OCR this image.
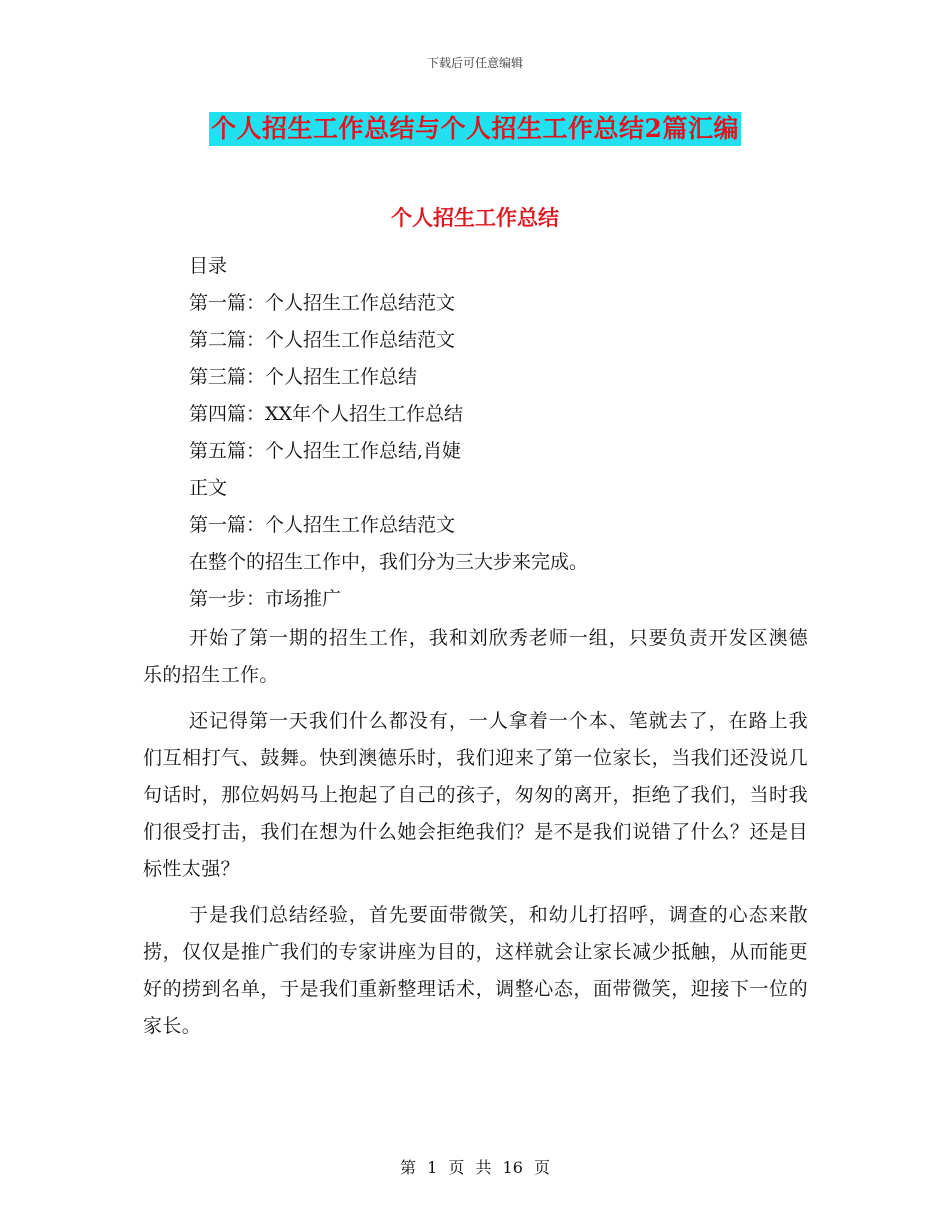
下载后可任意编辑
个人招生工作总结与个人招生工作总结2篇汇编
个人招生工作总结
目录
第一篇：个人招生工作总结范文
第二篇：个人招生工作总结范文
第三篇：个人招生工作总结
第四篇：XX年个人招生工作总结
第五篇：个人招生工作总结,肖婕
正文
第一篇：个人招生工作总结范文
在整个的招生工作中，我们分为三大步来完成。
第一步：市场推广

开始了第一期的招生工作，我和刘欣秀老师一组，只要负责开发区澳德乐的招生工作。

还记得第一天我们什么都没有，一人拿着一个本、笔就去了，在路上我们互相打气、鼓舞。快到澳德乐时，我们迎来了第一位家长，当我们还没说几句话时，那位妈妈马上抱起了自己的孩子，匆匆的离开，拒绝了我们，当时我们很受打击，我们在想为什么她会拒绝我们？是不是我们说错了什么？还是目标性太强？

于是我们总结经验，首先要面带微笑，和幼儿打招呼，调查的心态来散捞，仅仅是推广我们的专家讲座为目的，这样就会让家长减少抵触，从而能更好的捞到名单，于是我们重新整理话术，调整心态，面带微笑，迎接下一位的家长。

第 1 页 共 16 页
